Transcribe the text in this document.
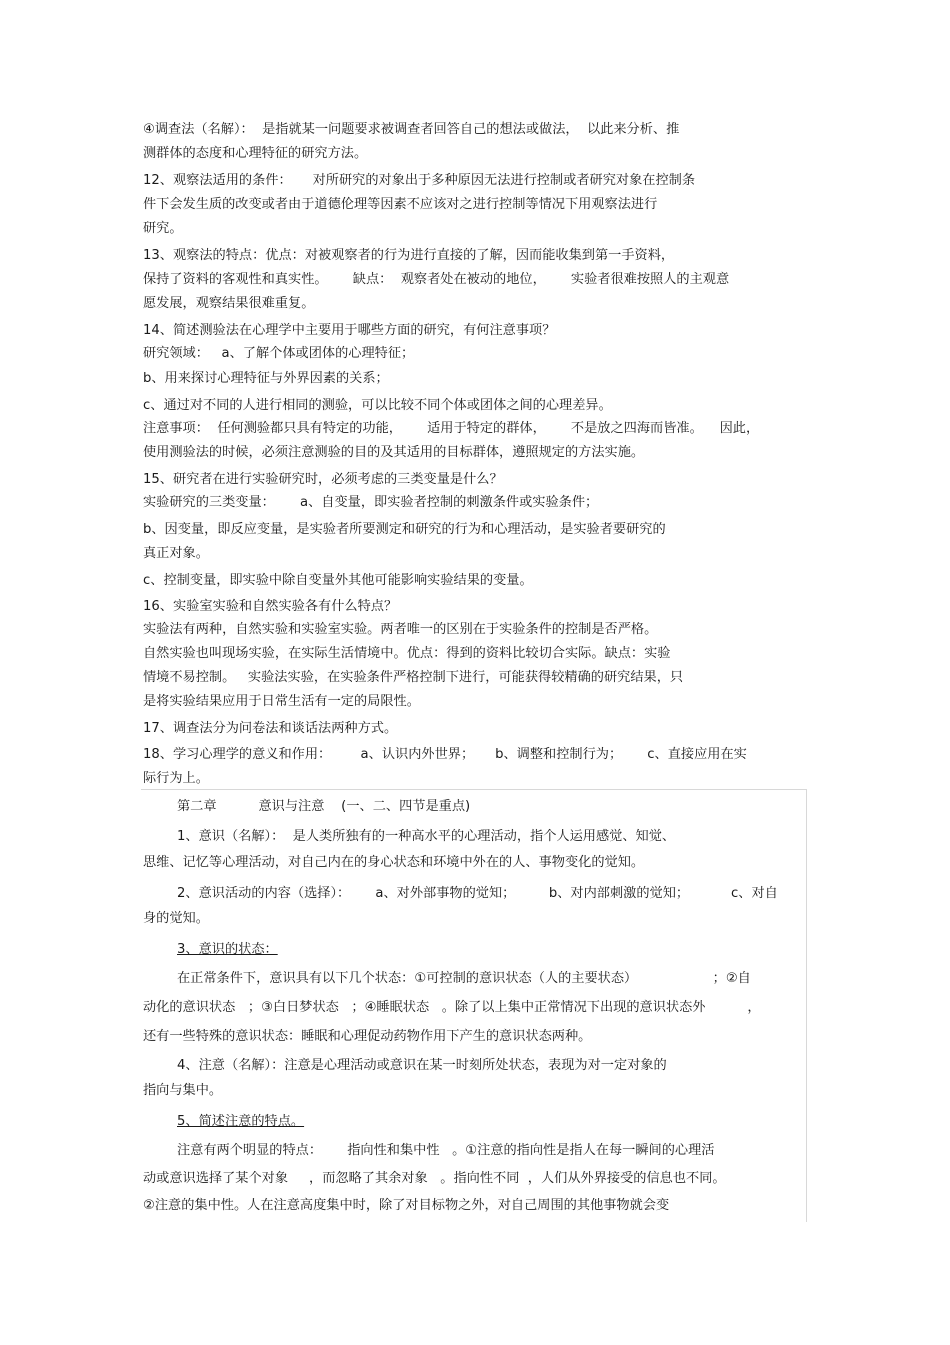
④调查法（名解）：  是指就某一问题要求被调查者回答自己的想法或做法，  以此来分析、推
测群体的态度和心理特征的研究方法。
12、观察法适用的条件：     对所研究的对象出于多种原因无法进行控制或者研究对象在控制条
件下会发生质的改变或者由于道德伦理等因素不应该对之进行控制等情况下用观察法进行
研究。
13、观察法的特点：优点：对被观察者的行为进行直接的了解，因而能收集到第一手资料，
保持了资料的客观性和真实性。      缺点：  观察者处在被动的地位，      实验者很难按照人的主观意
愿发展，观察结果很难重复。
14、简述测验法在心理学中主要用于哪些方面的研究，有何注意事项？
研究领域：   a、了解个体或团体的心理特征；
b、用来探讨心理特征与外界因素的关系；
c、通过对不同的人进行相同的测验，可以比较不同个体或团体之间的心理差异。
注意事项：  任何测验都只具有特定的功能，      适用于特定的群体，      不是放之四海而皆准。    因此，
使用测验法的时候，必须注意测验的目的及其适用的目标群体，遵照规定的方法实施。
15、研究者在进行实验研究时，必须考虑的三类变量是什么？
实验研究的三类变量：      a、自变量，即实验者控制的刺激条件或实验条件；
b、因变量，即反应变量，是实验者所要测定和研究的行为和心理活动，是实验者要研究的
真正对象。
c、控制变量，即实验中除自变量外其他可能影响实验结果的变量。
16、实验室实验和自然实验各有什么特点？
实验法有两种，自然实验和实验室实验。两者唯一的区别在于实验条件的控制是否严格。
自然实验也叫现场实验，在实际生活情境中。优点：得到的资料比较切合实际。缺点：实验
情境不易控制。   实验法实验，在实验条件严格控制下进行，可能获得较精确的研究结果，只
是将实验结果应用于日常生活有一定的局限性。
17、调查法分为问卷法和谈话法两种方式。
18、学习心理学的意义和作用：       a、认识内外世界；     b、调整和控制行为；      c、直接应用在实
际行为上。
第二章          意识与注意    (一、二、四节是重点)
1、意识（名解）：  是人类所独有的一种高水平的心理活动，指个人运用感觉、知觉、
思维、记忆等心理活动，对自己内在的身心状态和环境中外在的人、事物变化的觉知。
2、意识活动的内容（选择）：      a、对外部事物的觉知；        b、对内部刺激的觉知；          c、对自
身的觉知。
3、意识的状态：
在正常条件下，意识具有以下几个状态：①可控制的意识状态（人的主要状态）                  ；②自
动化的意识状态   ；③白日梦状态   ；④睡眠状态   。除了以上集中正常情况下出现的意识状态外          ，
还有一些特殊的意识状态：睡眠和心理促动药物作用下产生的意识状态两种。
4、注意（名解）：注意是心理活动或意识在某一时刻所处状态，表现为对一定对象的
指向与集中。
5、简述注意的特点。
注意有两个明显的特点：      指向性和集中性   。①注意的指向性是指人在每一瞬间的心理活
动或意识选择了某个对象     ，而忽略了其余对象   。指向性不同  ，人们从外界接受的信息也不同。
②注意的集中性。人在注意高度集中时，除了对目标物之外，对自己周围的其他事物就会变
